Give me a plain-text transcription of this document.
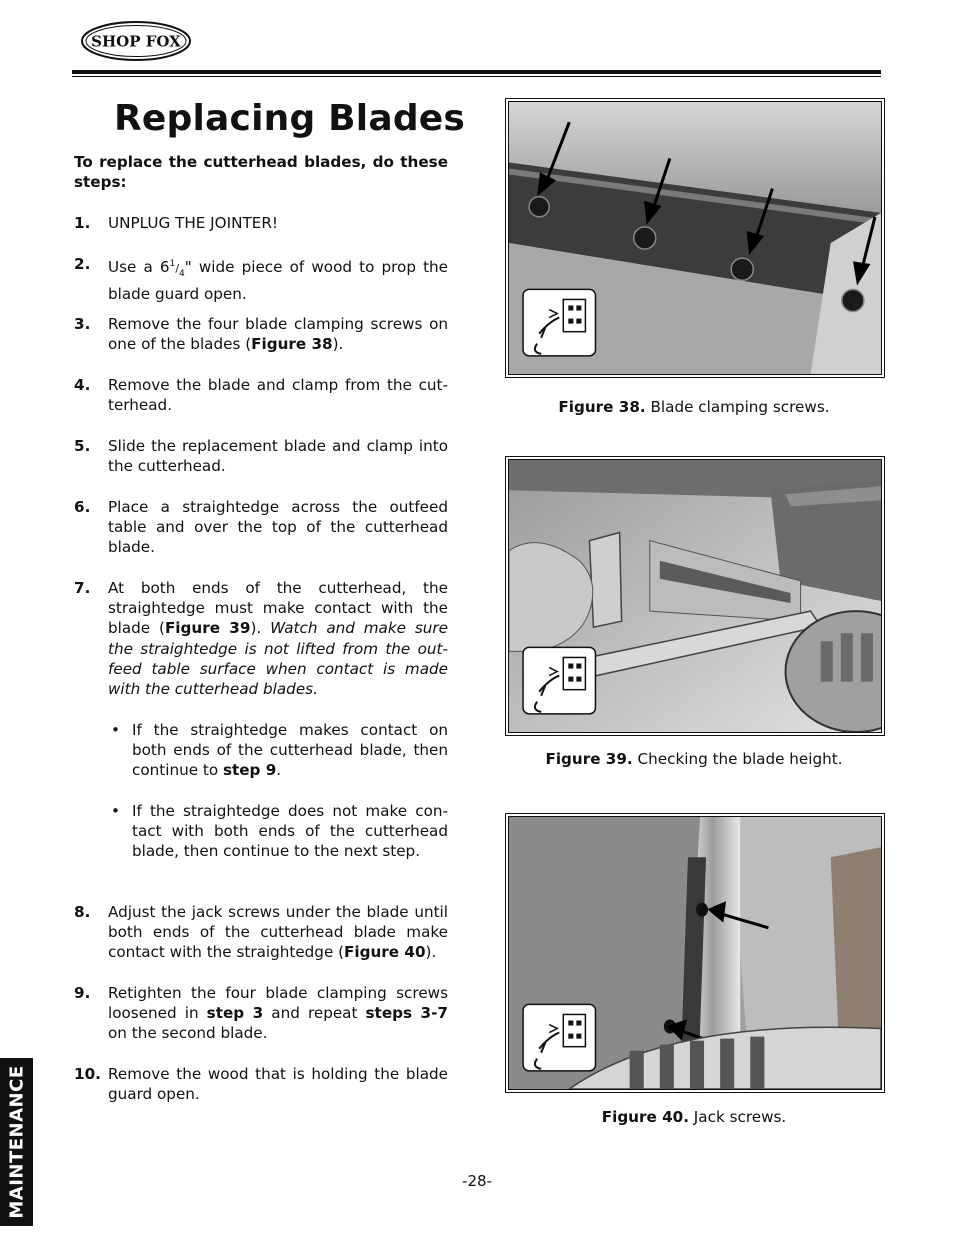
SHOP FOX
Replacing Blades

To replace the cutterhead blades, do these steps:

1. UNPLUG THE JOINTER!
2. Use a $6^1/_4$" wide piece of wood to prop the blade guard open.
3. Remove the four blade clamping screws on one of the blades (Figure 38).
4. Remove the blade and clamp from the cut-terhead.
5. Slide the replacement blade and clamp into the cutterhead.
6. Place a straightedge across the outfeed table and over the top of the cutterhead blade.
7. At both ends of the cutterhead, the straightedge must make contact with the blade (Figure 39). Watch and make sure the straightedge is not lifted from the out-feed table surface when contact is made with the cutterhead blades.
• If the straightedge makes contact on both ends of the cutterhead blade, then continue to step 9.
• If the straightedge does not make con-tact with both ends of the cutterhead blade, then continue to the next step.
8. Adjust the jack screws under the blade until both ends of the cutterhead blade make contact with the straightedge (Figure 40).
9. Retighten the four blade clamping screws loosened in step 3 and repeat steps 3-7 on the second blade.
10. Remove the wood that is holding the blade guard open.
Figure 38. Blade clamping screws.
Figure 39. Checking the blade height.
Figure 40. Jack screws.
MAINTENANCE	-28-
